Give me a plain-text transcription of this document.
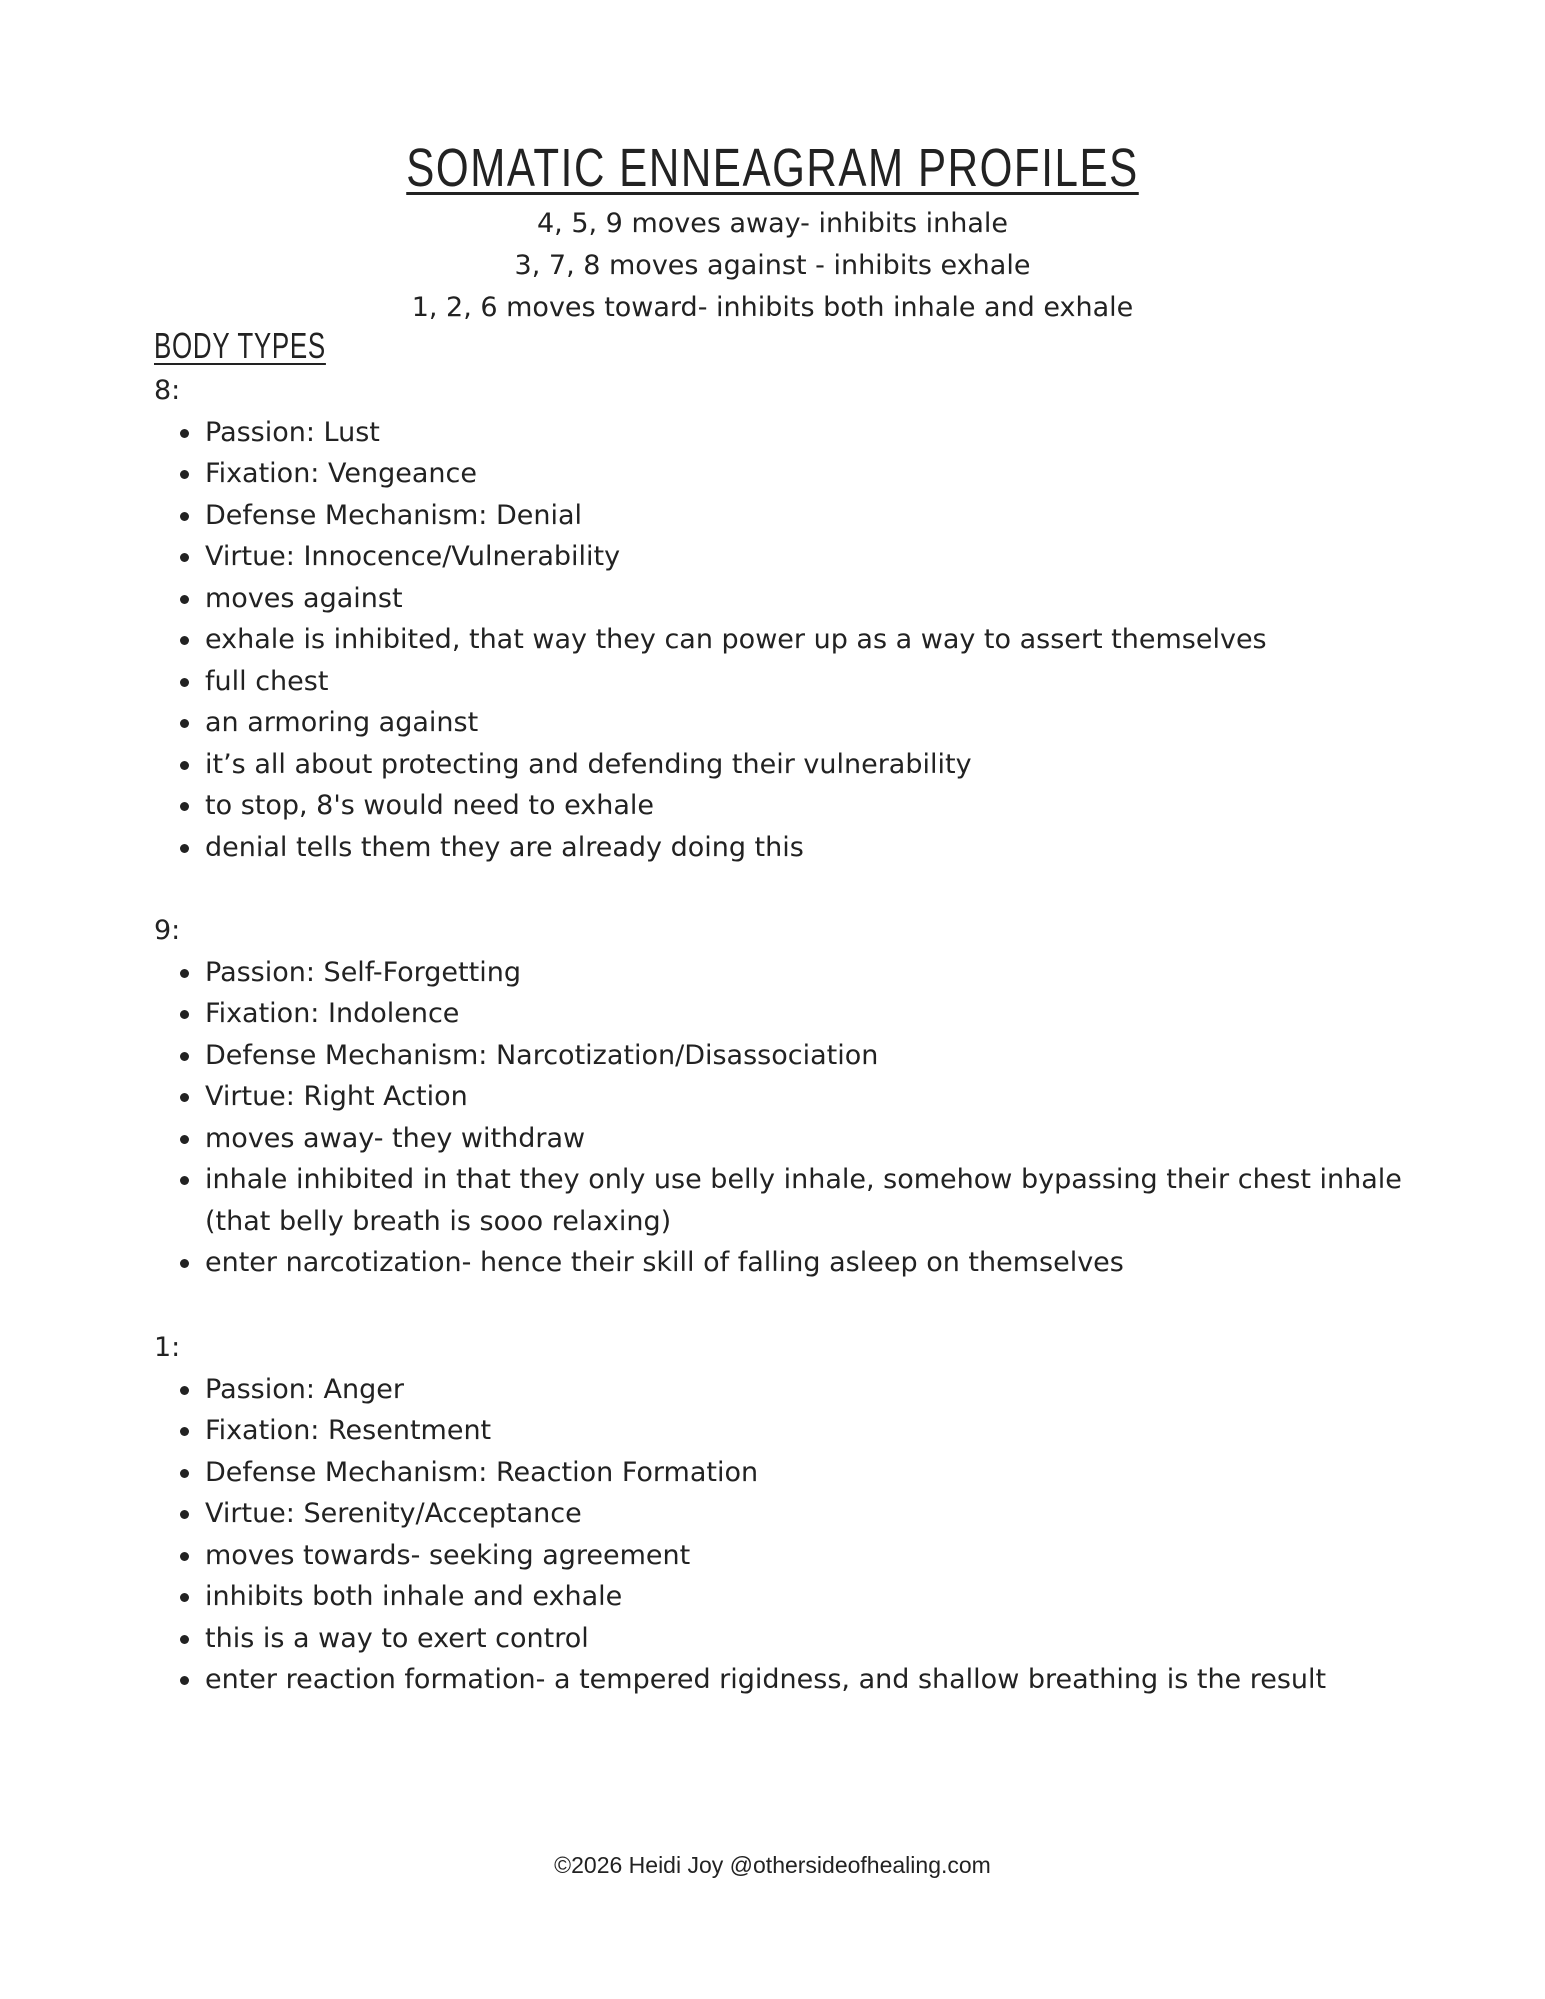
SOMATIC ENNEAGRAM PROFILES
4, 5, 9 moves away- inhibits inhale
3, 7, 8 moves against - inhibits exhale
1, 2, 6 moves toward- inhibits both inhale and exhale
BODY TYPES

8:

Passion: Lust
Fixation: Vengeance
Defense Mechanism: Denial
Virtue: Innocence/Vulnerability
moves against
exhale is inhibited, that way they can power up as a way to assert themselves
full chest
an armoring against
it’s all about protecting and defending their vulnerability
to stop, 8's would need to exhale
denial tells them they are already doing this

9:

Passion: Self-Forgetting
Fixation: Indolence
Defense Mechanism: Narcotization/Disassociation
Virtue: Right Action
moves away- they withdraw
inhale inhibited in that they only use belly inhale, somehow bypassing their chest inhale (that belly breath is sooo relaxing)
enter narcotization- hence their skill of falling asleep on themselves

1:

Passion: Anger
Fixation: Resentment
Defense Mechanism: Reaction Formation
Virtue: Serenity/Acceptance
moves towards- seeking agreement
inhibits both inhale and exhale
this is a way to exert control
enter reaction formation- a tempered rigidness, and shallow breathing is the result
©2026 Heidi Joy @othersideofhealing.com
